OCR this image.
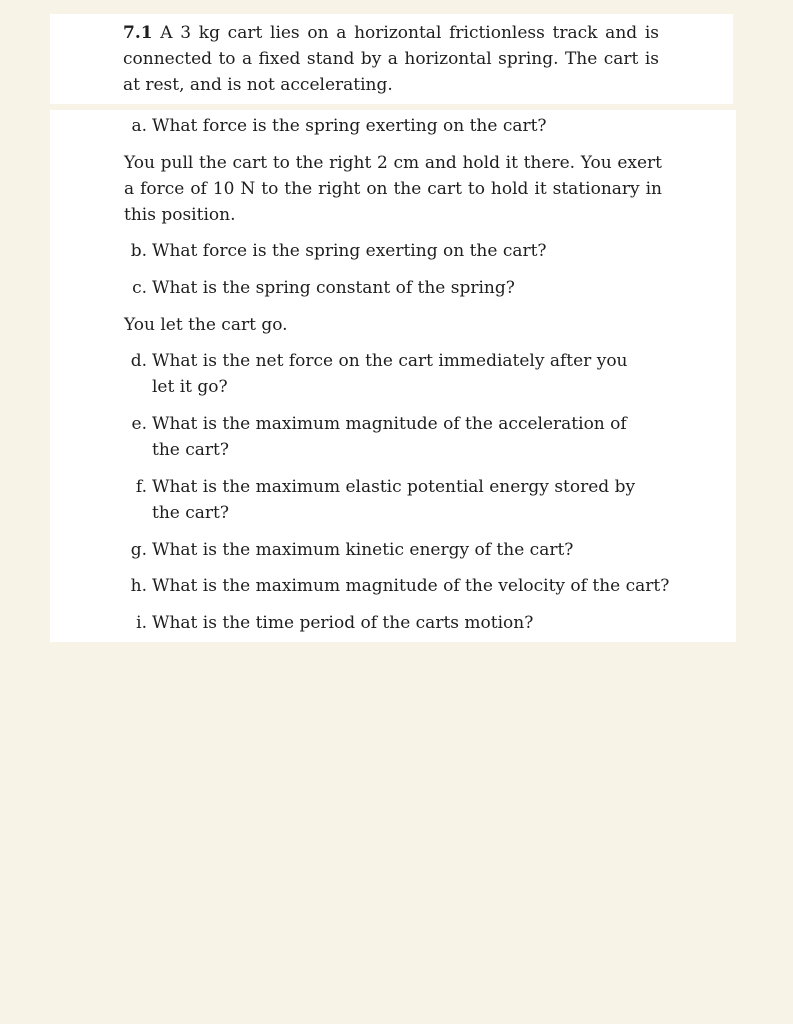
7.1 A 3 kg cart lies on a horizontal frictionless track and is connected to a fixed stand by a horizontal spring. The cart is at rest, and is not accelerating.

a. What force is the spring exerting on the cart?

You pull the cart to the right 2 cm and hold it there. You exert a force of 10 N to the right on the cart to hold it stationary in this position.

b. What force is the spring exerting on the cart?
c. What is the spring constant of the spring?

You let the cart go.

d. What is the net force on the cart immediately after you let it go?
e. What is the maximum magnitude of the acceleration of the cart?
f. What is the maximum elastic potential energy stored by the cart?
g. What is the maximum kinetic energy of the cart?
h. What is the maximum magnitude of the velocity of the cart?
i. What is the time period of the carts motion?
